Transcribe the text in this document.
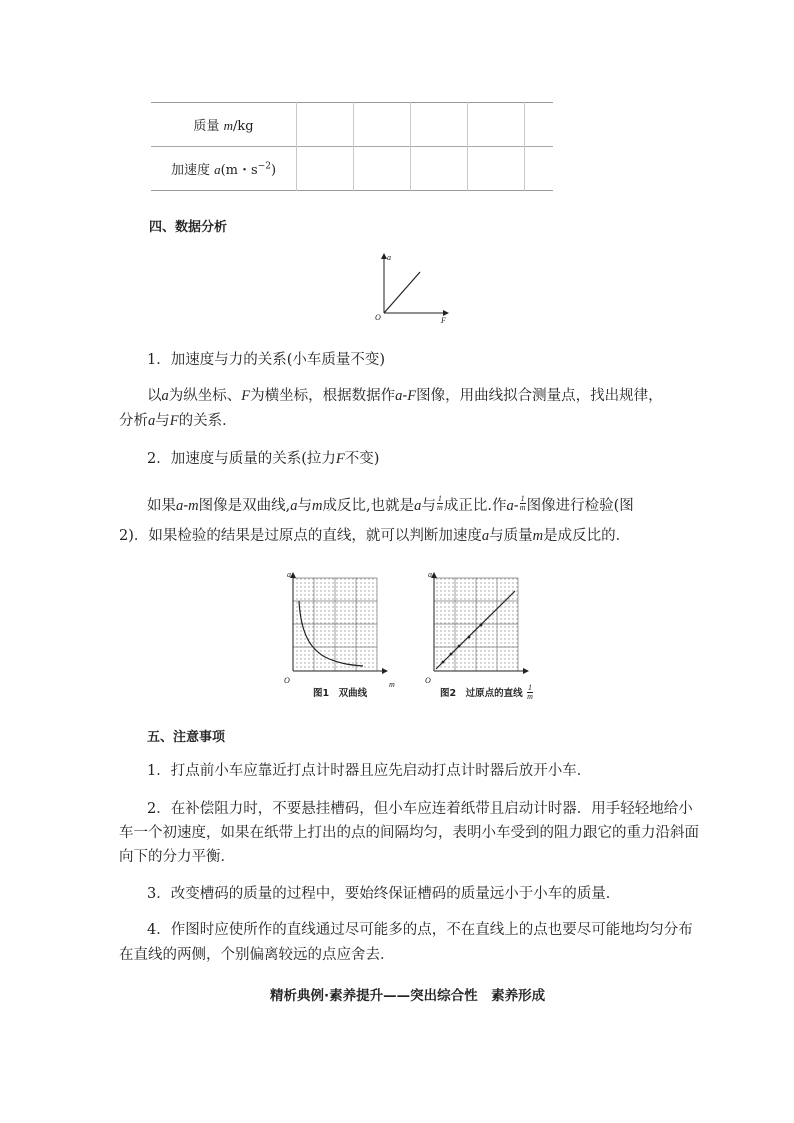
质量 m/kg					
加速度 a(m・$s^{-2}$)					
四、数据分析
a
O	F
1．加速度与力的关系(小车质量不变)
以a为纵坐标、F为横坐标，根据数据作a-F图像，用曲线拟合测量点，找出规律，
分析a与F的关系．
2．加速度与质量的关系(拉力F不变)
如果a-m图像是双曲线,a与m成反比,也就是a与 $\frac{1}{m}$ 成正比.作$a- \frac{1}{m}$ 图像进行检验(图
2)．如果检验的结果是过原点的直线，就可以判断加速度a与质量m是成反比的．
a
O	m
图1　双曲线
a
O
图2　过原点的直线 $\frac{1}{m}$
五、注意事项
1．打点前小车应靠近打点计时器且应先启动打点计时器后放开小车．
2．在补偿阻力时，不要悬挂槽码，但小车应连着纸带且启动计时器．用手轻轻地给小
车一个初速度，如果在纸带上打出的点的间隔均匀，表明小车受到的阻力跟它的重力沿斜面
向下的分力平衡．
3．改变槽码的质量的过程中，要始终保证槽码的质量远小于小车的质量．
4．作图时应使所作的直线通过尽可能多的点，不在直线上的点也要尽可能地均匀分布
在直线的两侧，个别偏离较远的点应舍去．
精析典例·素养提升——突出综合性　素养形成
